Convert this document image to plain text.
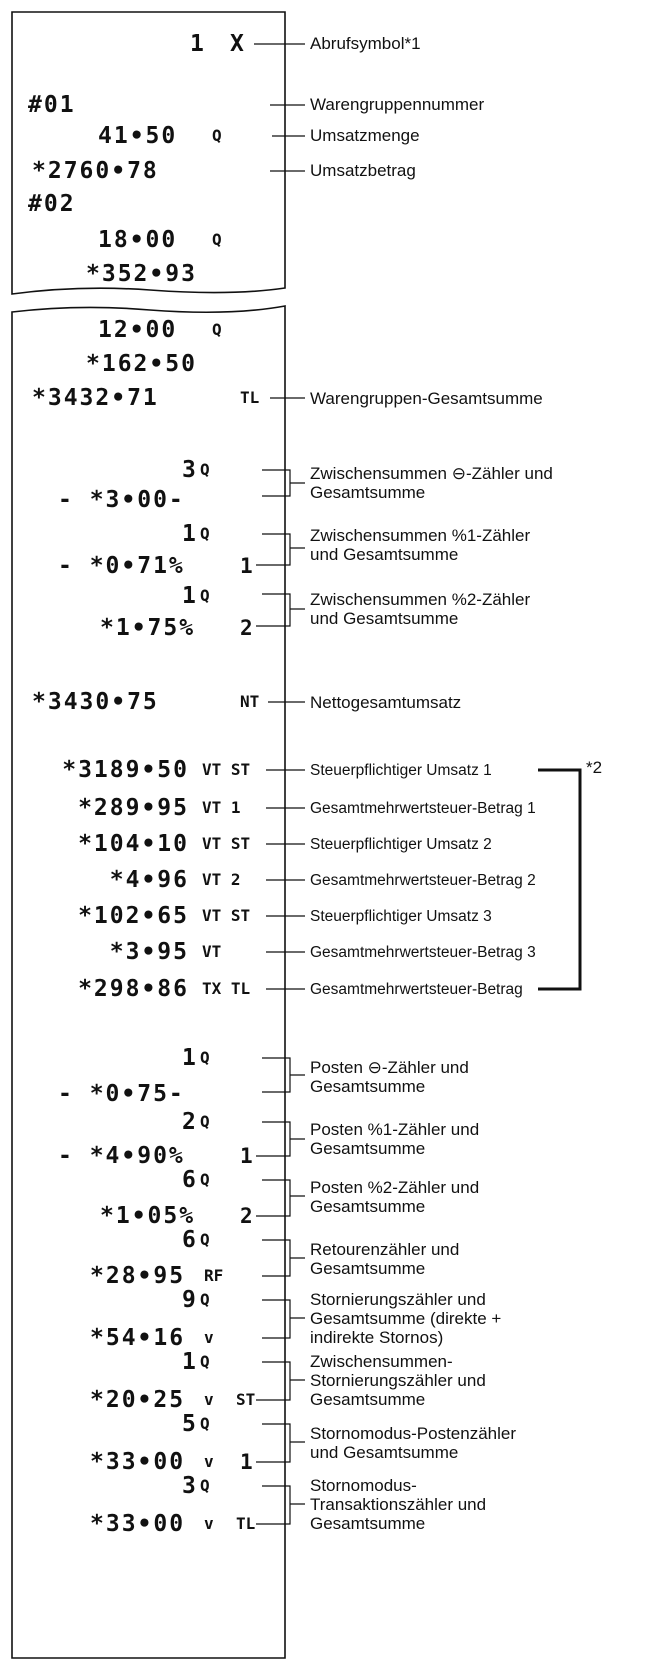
1 X	Abrufsymbol*1
#01	Warengruppennummer
41•50 Q	Umsatzmenge
*2760•78	Umsatzbetrag
#02
18•00 Q
*352•93
12•00 Q
*162•50
*3432•71	TL	Warengruppen-Gesamtsumme
3 Q
- *3•00-
Zwischensummen ⊖-Zähler und
Gesamtsumme
1 Q
- *0•71%	1
Zwischensummen %1-Zähler
und Gesamtsumme
1 Q
*1•75% 2
Zwischensummen %2-Zähler
und Gesamtsumme
*3430•75	NT	Nettogesamtumsatz
*3189•50 VT ST	Steuerpflichtiger Umsatz 1
*289•95 VT 1	Gesamtmehrwertsteuer-Betrag 1
*104•10 VT ST	Steuerpflichtiger Umsatz 2
*4•96 VT 2	Gesamtmehrwertsteuer-Betrag 2
*102•65 VT ST	Steuerpflichtiger Umsatz 3
*3•95 VT	Gesamtmehrwertsteuer-Betrag 3
*298•86 TX TL	Gesamtmehrwertsteuer-Betrag
*2
1 Q
- *0•75-
Posten ⊖-Zähler und
Gesamtsumme
2 Q
- *4•90%	1
Posten %1-Zähler und
Gesamtsumme
6 Q
*1•05% 2
Posten %2-Zähler und
Gesamtsumme
6 Q
*28•95 RF
Retourenzähler und
Gesamtsumme
9 Q
*54•16 v
Stornierungszähler und
Gesamtsumme (direkte +
indirekte Stornos)
1 Q
*20•25 v ST
Zwischensummen-
Stornierungszähler und
Gesamtsumme
5 Q
*33•00 v 1
Stornomodus-Postenzähler
und Gesamtsumme
3 Q
*33•00 v TL
Stornomodus-
Transaktionszähler und
Gesamtsumme
